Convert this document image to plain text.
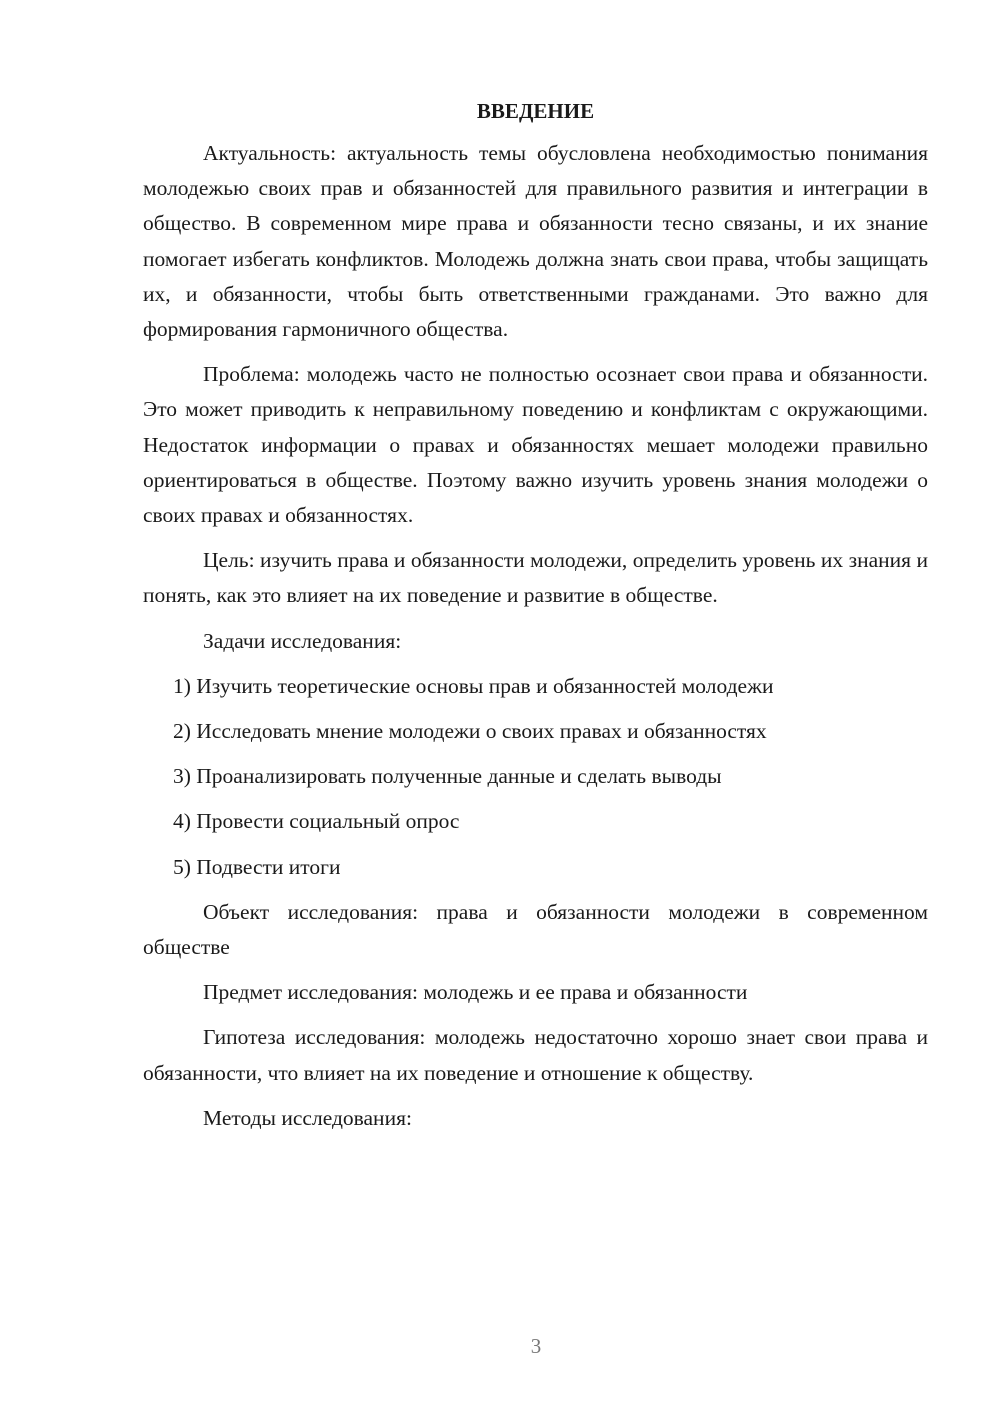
ВВЕДЕНИЕ

Актуальность: актуальность темы обусловлена необходимостью понимания молодежью своих прав и обязанностей для правильного развития и интеграции в общество. В современном мире права и обязанности тесно связаны, и их знание помогает избегать конфликтов. Молодежь должна знать свои права, чтобы защищать их, и обязанности, чтобы быть ответственными гражданами. Это важно для формирования гармоничного общества.

Проблема: молодежь часто не полностью осознает свои права и обязанности. Это может приводить к неправильному поведению и конфликтам с окружающими. Недостаток информации о правах и обязанностях мешает молодежи правильно ориентироваться в обществе. Поэтому важно изучить уровень знания молодежи о своих правах и обязанностях.

Цель: изучить права и обязанности молодежи, определить уровень их знания и понять, как это влияет на их поведение и развитие в обществе.

Задачи исследования:

1) Изучить теоретические основы прав и обязанностей молодежи

2) Исследовать мнение молодежи о своих правах и обязанностях

3) Проанализировать полученные данные и сделать выводы

4) Провести социальный опрос

5) Подвести итоги

Объект исследования: права и обязанности молодежи в современном обществе

Предмет исследования: молодежь и ее права и обязанности

Гипотеза исследования: молодежь недостаточно хорошо знает свои права и обязанности, что влияет на их поведение и отношение к обществу.

Методы исследования:

3
